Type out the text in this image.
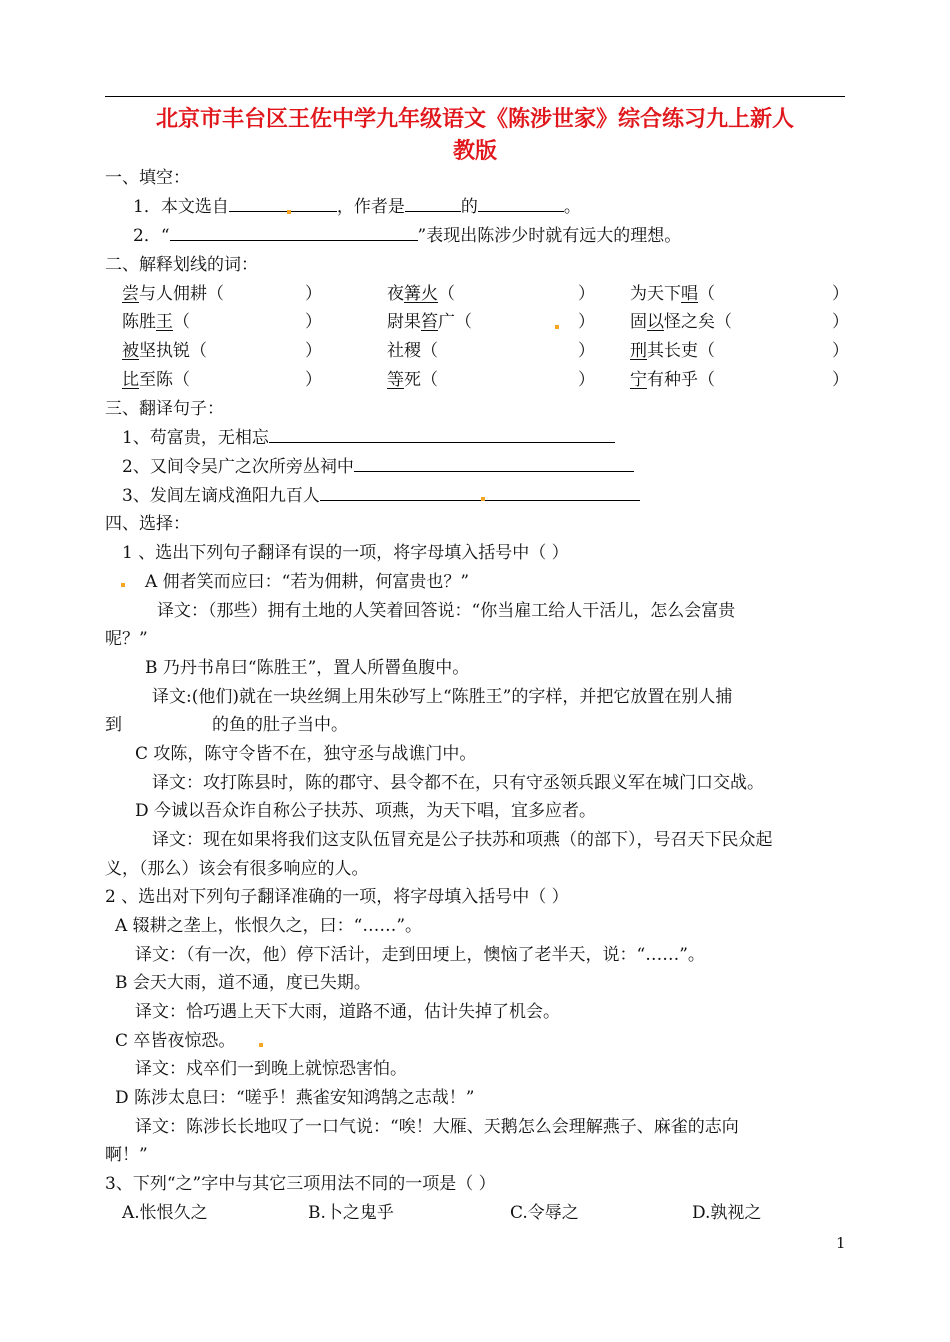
北京市丰台区王佐中学九年级语文《陈涉世家》综合练习九上新人
教版
一、填空：
1．本文选自	，作者是	的	。
2．“	”表现出陈涉少时就有远大的理想。
二、解释划线的词：
尝与人佣耕（	）	夜篝火（	） 为天下唱（	）
陈胜王（	）	尉果笞广（	） 固以怪之矣（	）
被坚执锐（	）	社稷（	） 刑其长吏（	）
比至陈（	）	等死（	） 宁有种乎（	）
三、翻译句子：
1、苟富贵，无相忘
2、又间令吴广之次所旁丛祠中
3、发闾左谪戍渔阳九百人
四、选择：
1 、选出下列句子翻译有误的一项，将字母填入括号中（ ）
A 佣者笑而应曰：“若为佣耕，何富贵也？”
译文：（那些）拥有土地的人笑着回答说：“你当雇工给人干活儿，怎么会富贵
呢？”
B 乃丹书帛曰“陈胜王”，置人所罾鱼腹中。
译文:(他们)就在一块丝绸上用朱砂写上“陈胜王”的字样，并把它放置在别人捕
到	的鱼的肚子当中。
C 攻陈，陈守令皆不在，独守丞与战谯门中。
译文：攻打陈县时，陈的郡守、县令都不在，只有守丞领兵跟义军在城门口交战。
D 今诚以吾众诈自称公子扶苏、项燕，为天下唱，宜多应者。
译文：现在如果将我们这支队伍冒充是公子扶苏和项燕（的部下），号召天下民众起
义，（那么）该会有很多响应的人。
2 、选出对下列句子翻译准确的一项，将字母填入括号中（ ）
A 辍耕之垄上，怅恨久之，曰：“……”。
译文：（有一次，他）停下活计，走到田埂上，懊恼了老半天，说：“……”。
B 会天大雨，道不通，度已失期。
译文：恰巧遇上天下大雨，道路不通，估计失掉了机会。
C 卒皆夜惊恐。
译文：戍卒们一到晚上就惊恐害怕。
D 陈涉太息曰：“嗟乎！燕雀安知鸿鹄之志哉！”
译文：陈涉长长地叹了一口气说：“唉！大雁、天鹅怎么会理解燕子、麻雀的志向
啊！”
3、下列“之”字中与其它三项用法不同的一项是（ ）
A.怅恨久之	B.卜之鬼乎	C.令辱之	D.孰视之
1
